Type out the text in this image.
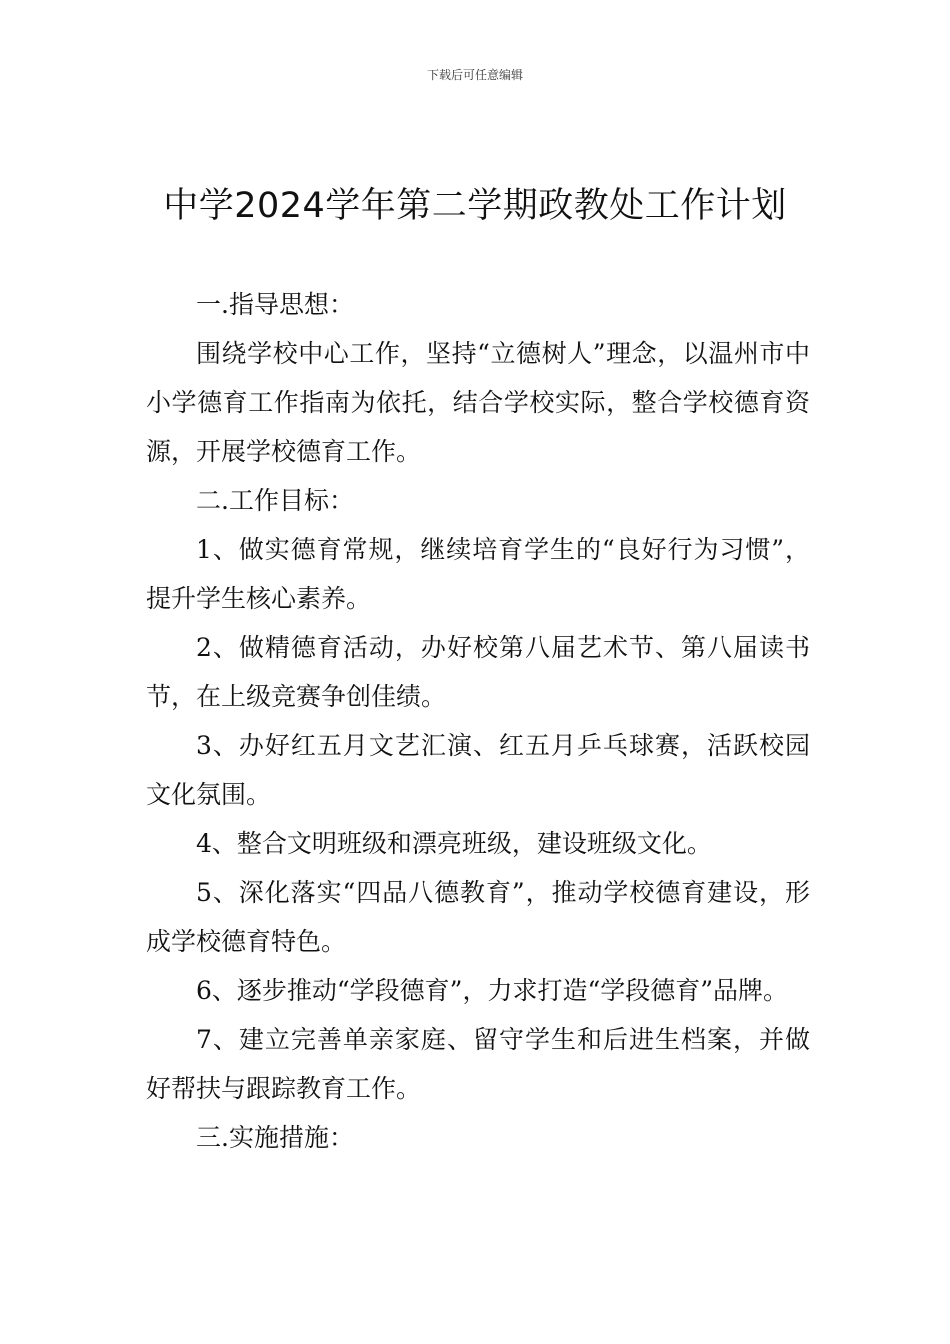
下载后可任意编辑
中学2024学年第二学期政教处工作计划

一.指导思想：

围绕学校中心工作，坚持“立德树人”理念，以温州市中小学德育工作指南为依托，结合学校实际，整合学校德育资源，开展学校德育工作。

二.工作目标：

1、做实德育常规，继续培育学生的“良好行为习惯”，提升学生核心素养。

2、做精德育活动，办好校第八届艺术节、第八届读书节，在上级竞赛争创佳绩。

3、办好红五月文艺汇演、红五月乒乓球赛，活跃校园文化氛围。

4、整合文明班级和漂亮班级，建设班级文化。

5、深化落实“四品八德教育”，推动学校德育建设，形成学校德育特色。

6、逐步推动“学段德育”，力求打造“学段德育”品牌。

7、建立完善单亲家庭、留守学生和后进生档案，并做好帮扶与跟踪教育工作。

三.实施措施：
